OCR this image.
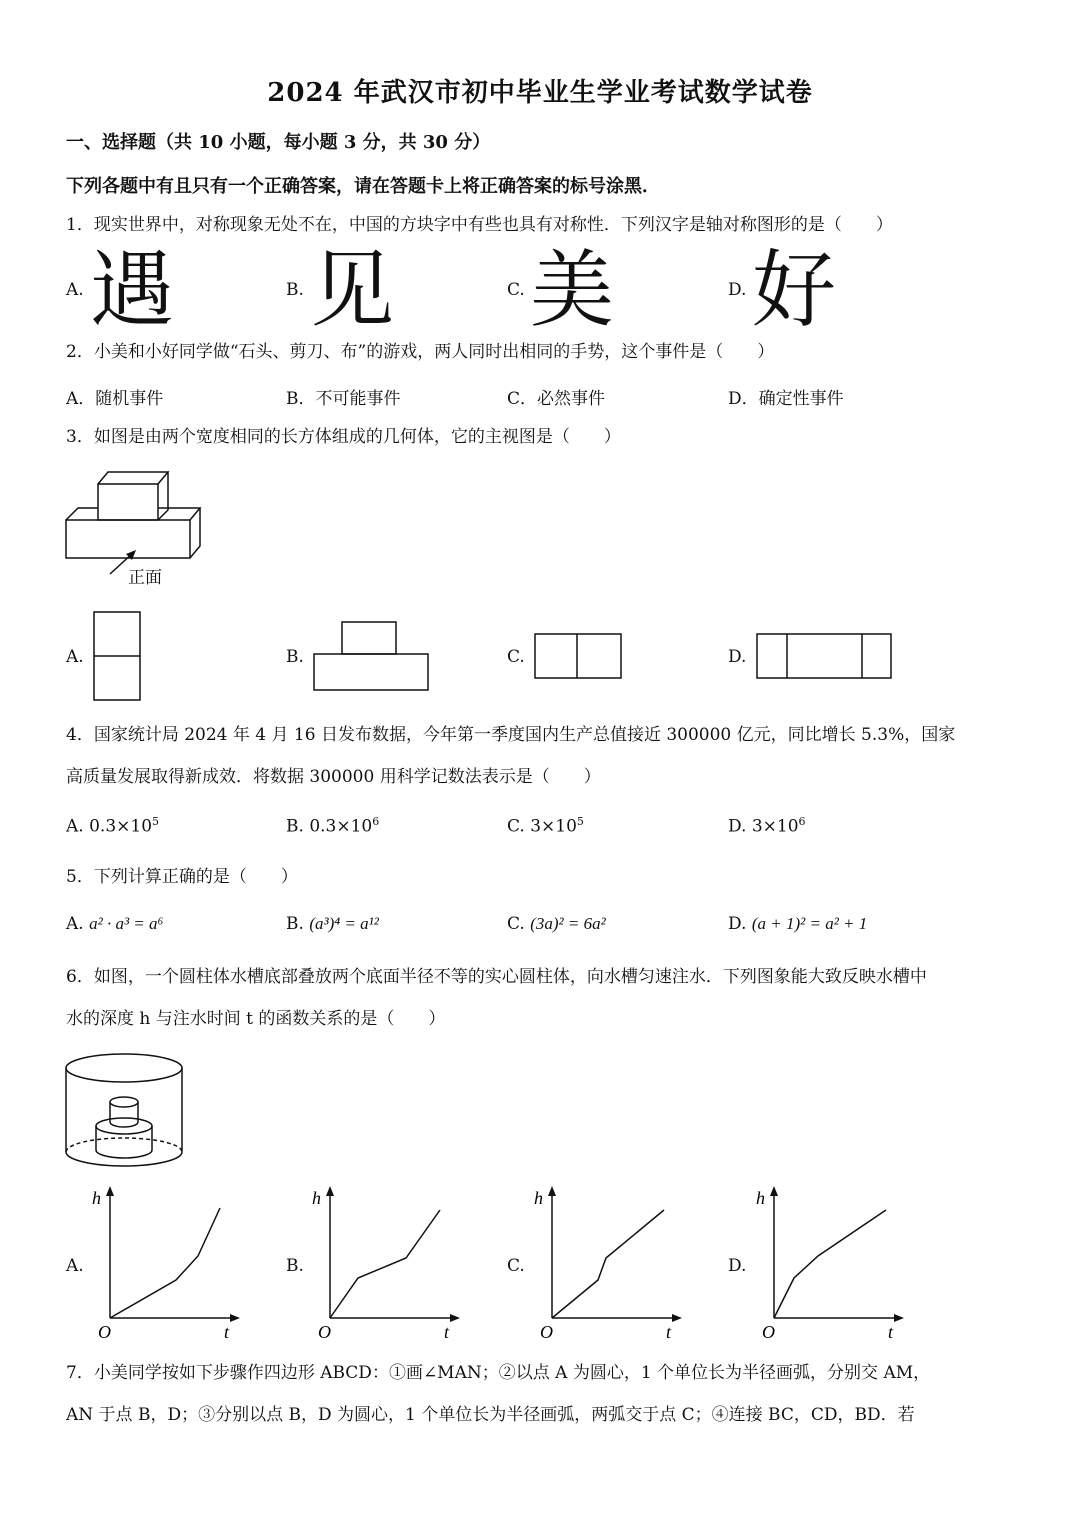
2024 年武汉市初中毕业生学业考试数学试卷
一、选择题（共 10 小题，每小题 3 分，共 30 分）
下列各题中有且只有一个正确答案，请在答题卡上将正确答案的标号涂黑．
1．现实世界中，对称现象无处不在，中国的方块字中有些也具有对称性．下列汉字是轴对称图形的是（　　）
A. 遇	B. 见	C. 美	D. 好
2．小美和小好同学做“石头、剪刀、布”的游戏，两人同时出相同的手势，这个事件是（　　）
A．随机事件	B．不可能事件	C．必然事件	D．确定性事件
3．如图是由两个宽度相同的长方体组成的几何体，它的主视图是（　　）
正面
A.	B.	C.	D.
4．国家统计局 2024 年 4 月 16 日发布数据，今年第一季度国内生产总值接近 300000 亿元，同比增长 5.3%，国家
高质量发展取得新成效．将数据 300000 用科学记数法表示是（　　）
A. $0.3\times 10^5$	B. $0.3\times 10^6$	C. $3\times 10^5$	D. $3\times 10^6$
5．下列计算正确的是（　　）
A. a² · a³ = a⁶	B. (a³)⁴ = a¹²	C. (3a)² = 6a²	D. (a + 1)² = a² + 1
6．如图，一个圆柱体水槽底部叠放两个底面半径不等的实心圆柱体，向水槽匀速注水．下列图象能大致反映水槽中
水的深度 h 与注水时间 t 的函数关系的是（　　）
A.
h
t
O
B.
h
t
O
C.
h
t
O
D.
h
t
O
7．小美同学按如下步骤作四边形 ABCD：①画∠MAN；②以点 A 为圆心，1 个单位长为半径画弧，分别交 AM，
AN 于点 B，D；③分别以点 B，D 为圆心，1 个单位长为半径画弧，两弧交于点 C；④连接 BC，CD，BD．若
